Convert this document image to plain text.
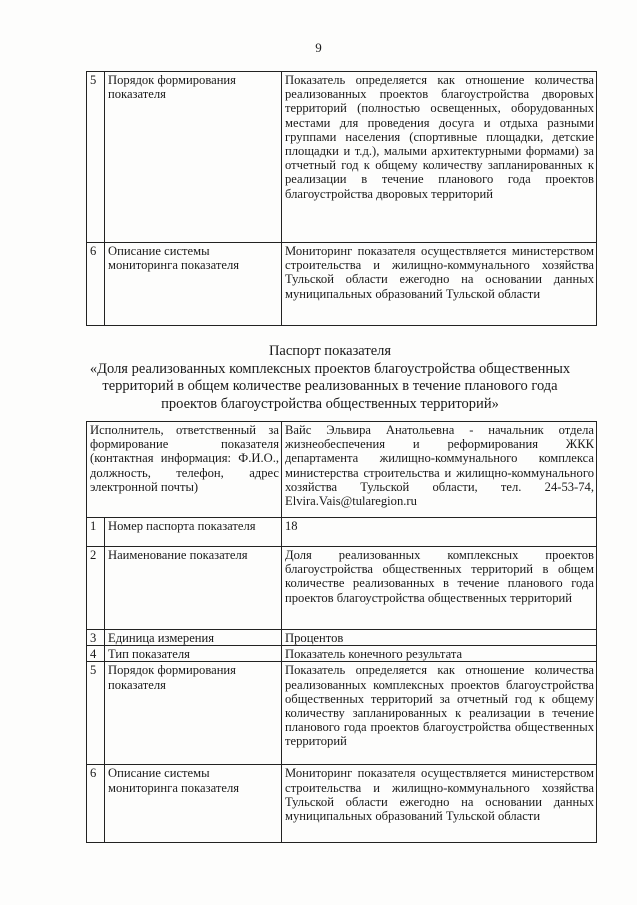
9
5	Порядок формирования показателя	Показатель определяется как отношение количества реализованных проектов благоустройства дворовых территорий (полностью освещенных, оборудованных местами для проведения досуга и отдыха разными группами населения (спортивные площадки, детские площадки и т.д.), малыми архитектурными формами) за отчетный год к общему количеству запланированных к реализации в течение планового года проектов благоустройства дворовых территорий
6	Описание системы мониторинга показателя	Мониторинг показателя осуществляется министерством строительства и жилищно-коммунального хозяйства Тульской области ежегодно на основании данных муниципальных образований Тульской области
Паспорт показателя
«Доля реализованных комплексных проектов благоустройства общественных
территорий в общем количестве реализованных в течение планового года
проектов благоустройства общественных территорий»
Исполнитель, ответственный за формирование показателя (контактная информация: Ф.И.О., должность, телефон, адрес электронной почты)		Вайс Эльвира Анатольевна - начальник отдела жизнеобеспечения и реформирования ЖКК департамента жилищно-коммунального комплекса министерства строительства и жилищно-коммунального хозяйства Тульской области, тел. 24-53-74, Elvira.Vais@tularegion.ru
1	Номер паспорта показателя	18
2	Наименование показателя	Доля реализованных комплексных проектов благоустройства общественных территорий в общем количестве реализованных в течение планового года проектов благоустройства общественных территорий
3	Единица измерения	Процентов
4	Тип показателя	Показатель конечного результата
5	Порядок формирования показателя	Показатель определяется как отношение количества реализованных комплексных проектов благоустройства общественных территорий за отчетный год к общему количеству запланированных к реализации в течение планового года проектов благоустройства общественных территорий
6	Описание системы мониторинга показателя	Мониторинг показателя осуществляется министерством строительства и жилищно-коммунального хозяйства Тульской области ежегодно на основании данных муниципальных образований Тульской области
